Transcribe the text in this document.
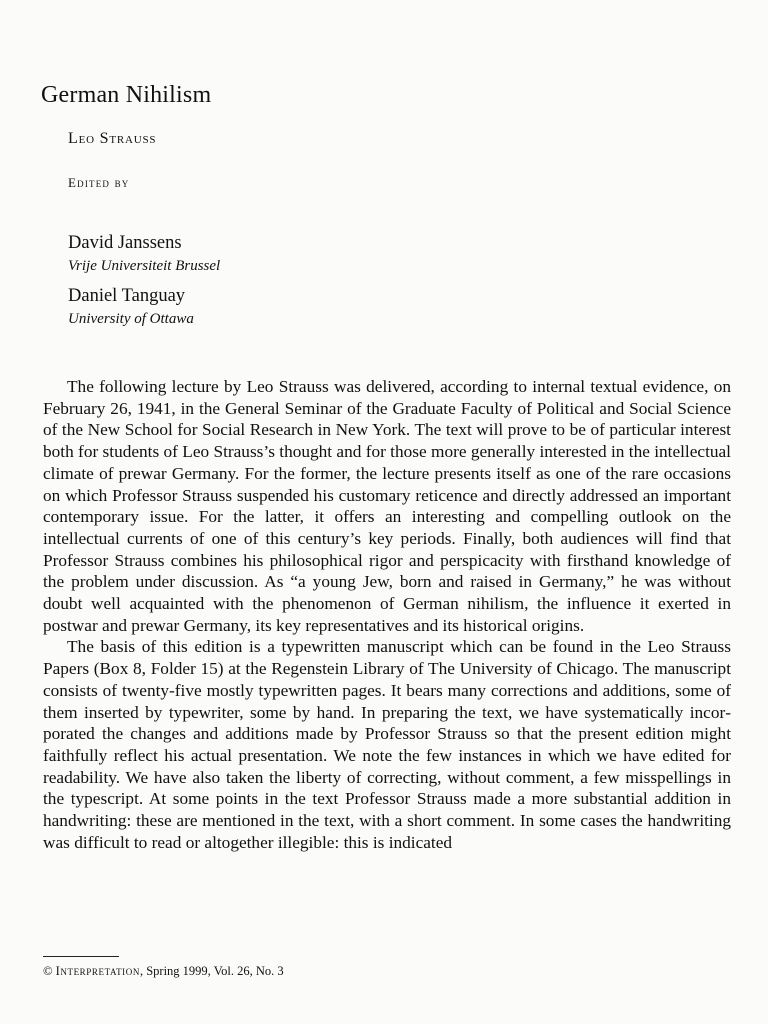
German Nihilism
Leo Strauss
Edited by
David Janssens
Vrije Universiteit Brussel
Daniel Tanguay
University of Ottawa

The following lecture by Leo Strauss was delivered, according to internal textual evidence, on February 26, 1941, in the General Seminar of the Graduate Faculty of Political and Social Science of the New School for Social Research in New York. The text will prove to be of particular interest both for students of Leo Strauss’s thought and for those more generally interested in the intellectual climate of prewar Germany. For the former, the lecture presents itself as one of the rare occasions on which Professor Strauss suspended his customary reticence and directly addressed an important contemporary issue. For the latter, it offers an interesting and compelling outlook on the intellectual currents of one of this century’s key periods. Finally, both audiences will find that Professor Strauss combines his philosophical rigor and perspicacity with firsthand knowledge of the problem under discussion. As “a young Jew, born and raised in Germany,” he was without doubt well acquainted with the phenomenon of German nihilism, the influence it exerted in postwar and prewar Germany, its key representatives and its historical origins.

The basis of this edition is a typewritten manuscript which can be found in the Leo Strauss Papers (Box 8, Folder 15) at the Regenstein Library of The University of Chicago. The manuscript consists of twenty-five mostly typewritten pages. It bears many corrections and additions, some of them inserted by typewriter, some by hand. In preparing the text, we have systematically incorporated the changes and additions made by Professor Strauss so that the present edition might faithfully reflect his actual presentation. We note the few instances in which we have edited for readability. We have also taken the liberty of correcting, without comment, a few misspellings in the typescript. At some points in the text Professor Strauss made a more substantial addition in handwriting: these are mentioned in the text, with a short comment. In some cases the handwriting was difficult to read or altogether illegible: this is indicated

© Interpretation, Spring 1999, Vol. 26, No. 3
